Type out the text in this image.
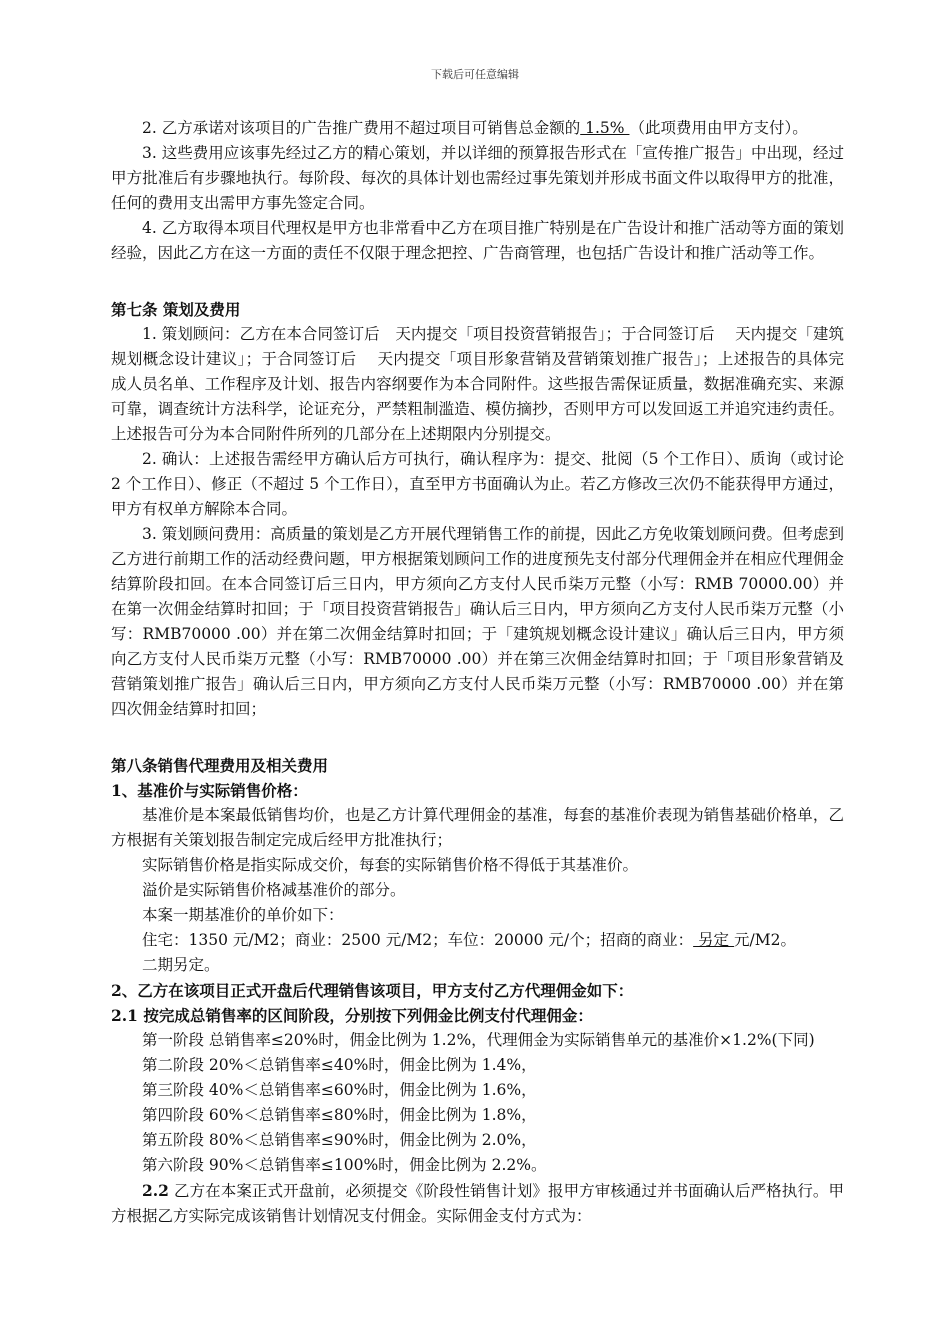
下载后可任意编辑

2. 乙方承诺对该项目的广告推广费用不超过项目可销售总金额的 1.5% （此项费用由甲方支付）。

3. 这些费用应该事先经过乙方的精心策划，并以详细的预算报告形式在「宣传推广报告」中出现，经过甲方批准后有步骤地执行。每阶段、每次的具体计划也需经过事先策划并形成书面文件以取得甲方的批准，任何的费用支出需甲方事先签定合同。

4. 乙方取得本项目代理权是甲方也非常看中乙方在项目推广特别是在广告设计和推广活动等方面的策划经验，因此乙方在这一方面的责任不仅限于理念把控、广告商管理，也包括广告设计和推广活动等工作。

第七条 策划及费用

1. 策划顾问：乙方在本合同签订后　天内提交「项目投资营销报告」；于合同签订后　 天内提交「建筑规划概念设计建议」；于合同签订后　 天内提交「项目形象营销及营销策划推广报告」；上述报告的具体完成人员名单、工作程序及计划、报告内容纲要作为本合同附件。这些报告需保证质量，数据准确充实、来源可靠，调查统计方法科学，论证充分，严禁粗制滥造、模仿摘抄，否则甲方可以发回返工并追究违约责任。上述报告可分为本合同附件所列的几部分在上述期限内分别提交。

2. 确认：上述报告需经甲方确认后方可执行，确认程序为：提交、批阅（5 个工作日）、质询（或讨论 2 个工作日）、修正（不超过 5 个工作日），直至甲方书面确认为止。若乙方修改三次仍不能获得甲方通过，甲方有权单方解除本合同。

3. 策划顾问费用：高质量的策划是乙方开展代理销售工作的前提，因此乙方免收策划顾问费。但考虑到乙方进行前期工作的活动经费问题，甲方根据策划顾问工作的进度预先支付部分代理佣金并在相应代理佣金结算阶段扣回。在本合同签订后三日内，甲方须向乙方支付人民币柒万元整（小写：RMB 70000.00）并在第一次佣金结算时扣回；于「项目投资营销报告」确认后三日内，甲方须向乙方支付人民币柒万元整（小写：RMB70000 .00）并在第二次佣金结算时扣回；于「建筑规划概念设计建议」确认后三日内，甲方须向乙方支付人民币柒万元整（小写：RMB70000 .00）并在第三次佣金结算时扣回；于「项目形象营销及营销策划推广报告」确认后三日内，甲方须向乙方支付人民币柒万元整（小写：RMB70000 .00）并在第四次佣金结算时扣回；

第八条销售代理费用及相关费用

1、基准价与实际销售价格：

基准价是本案最低销售均价，也是乙方计算代理佣金的基准，每套的基准价表现为销售基础价格单，乙方根据有关策划报告制定完成后经甲方批准执行；

实际销售价格是指实际成交价，每套的实际销售价格不得低于其基准价。

溢价是实际销售价格减基准价的部分。

本案一期基准价的单价如下：

住宅：1350 元/M2；商业：2500 元/M2；车位：20000 元/个；招商的商业： 另定 元/M2。

二期另定。

2、乙方在该项目正式开盘后代理销售该项目，甲方支付乙方代理佣金如下：

2.1 按完成总销售率的区间阶段，分别按下列佣金比例支付代理佣金：

第一阶段 总销售率≤20%时，佣金比例为 1.2%，代理佣金为实际销售单元的基准价×1.2%(下同)

第二阶段 20%＜总销售率≤40%时，佣金比例为 1.4%，

第三阶段 40%＜总销售率≤60%时，佣金比例为 1.6%，

第四阶段 60%＜总销售率≤80%时，佣金比例为 1.8%，

第五阶段 80%＜总销售率≤90%时，佣金比例为 2.0%，

第六阶段 90%＜总销售率≤100%时，佣金比例为 2.2%。

2.2 乙方在本案正式开盘前，必须提交《阶段性销售计划》报甲方审核通过并书面确认后严格执行。甲方根据乙方实际完成该销售计划情况支付佣金。实际佣金支付方式为：
